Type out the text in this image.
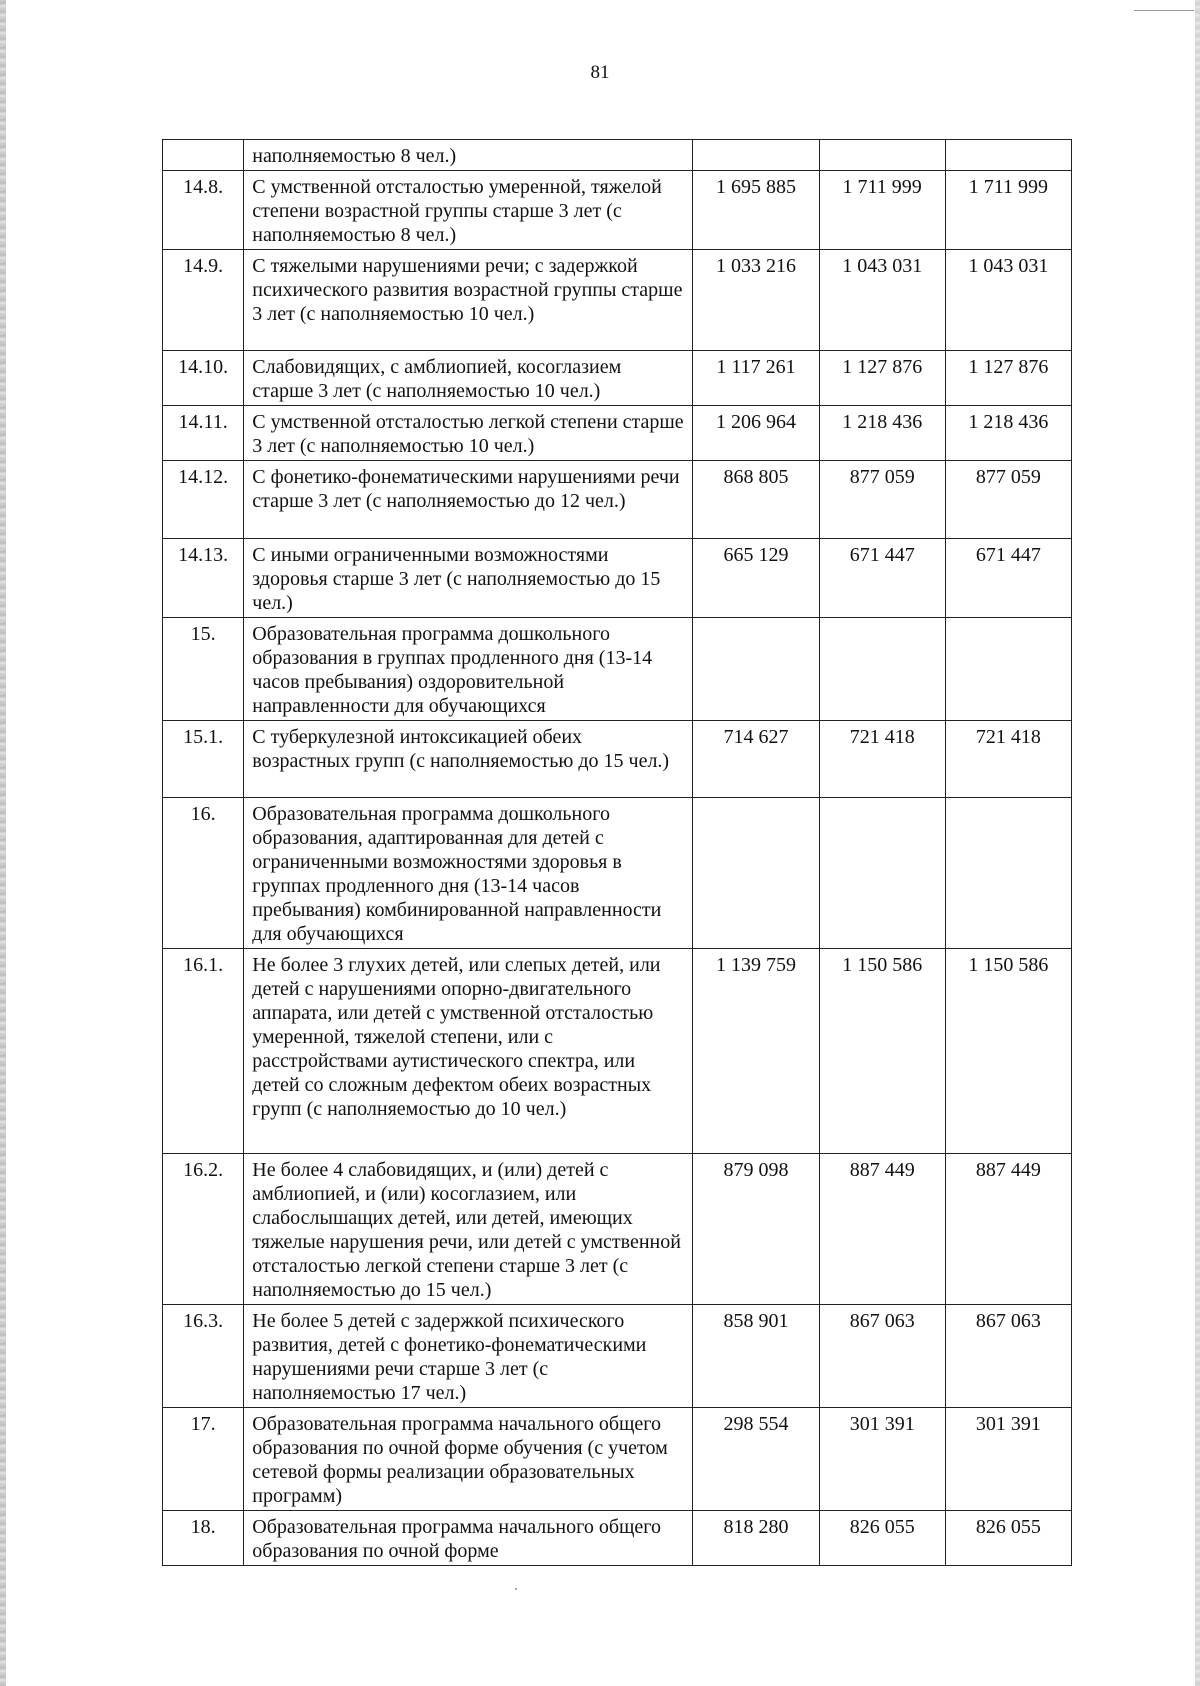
81
	наполняемостью 8 чел.)			
14.8.	С умственной отсталостью умеренной, тяжелой степени возрастной группы старше 3 лет (с наполняемостью 8 чел.)	1 695 885	1 711 999	1 711 999
14.9.	С тяжелыми нарушениями речи; с задержкой психического развития возрастной группы старше 3 лет (с наполняемостью 10 чел.)	1 033 216	1 043 031	1 043 031
14.10.	Слабовидящих, с амблиопией, косоглазием старше 3 лет (с наполняемостью 10 чел.)	1 117 261	1 127 876	1 127 876
14.11.	С умственной отсталостью легкой степени старше 3 лет (с наполняемостью 10 чел.)	1 206 964	1 218 436	1 218 436
14.12.	С фонетико-фонематическими нарушениями речи старше 3 лет (с наполняемостью до 12 чел.)	868 805	877 059	877 059
14.13.	С иными ограниченными возможностями здоровья старше 3 лет (с наполняемостью до 15 чел.)	665 129	671 447	671 447
15.	Образовательная программа дошкольного образования в группах продленного дня (13-14 часов пребывания) оздоровительной направленности для обучающихся			
15.1.	С туберкулезной интоксикацией обеих возрастных групп (с наполняемостью до 15 чел.)	714 627	721 418	721 418
16.	Образовательная программа дошкольного образования, адаптированная для детей с ограниченными возможностями здоровья в группах продленного дня (13-14 часов пребывания) комбинированной направленности для обучающихся			
16.1.	Не более 3 глухих детей, или слепых детей, или детей с нарушениями опорно-двигательного аппарата, или детей с умственной отсталостью умеренной, тяжелой степени, или с расстройствами аутистического спектра, или детей со сложным дефектом обеих возрастных групп (с наполняемостью до 10 чел.)	1 139 759	1 150 586	1 150 586
16.2.	Не более 4 слабовидящих, и (или) детей с амблиопией, и (или) косоглазием, или слабослышащих детей, или детей, имеющих тяжелые нарушения речи, или детей с умственной отсталостью легкой степени старше 3 лет (с наполняемостью до 15 чел.)	879 098	887 449	887 449
16.3.	Не более 5 детей с задержкой психического развития, детей с фонетико-фонематическими нарушениями речи старше 3 лет (с наполняемостью 17 чел.)	858 901	867 063	867 063
17.	Образовательная программа начального общего образования по очной форме обучения (с учетом сетевой формы реализации образовательных программ)	298 554	301 391	301 391
18.	Образовательная программа начального общего образования по очной форме	818 280	826 055	826 055
